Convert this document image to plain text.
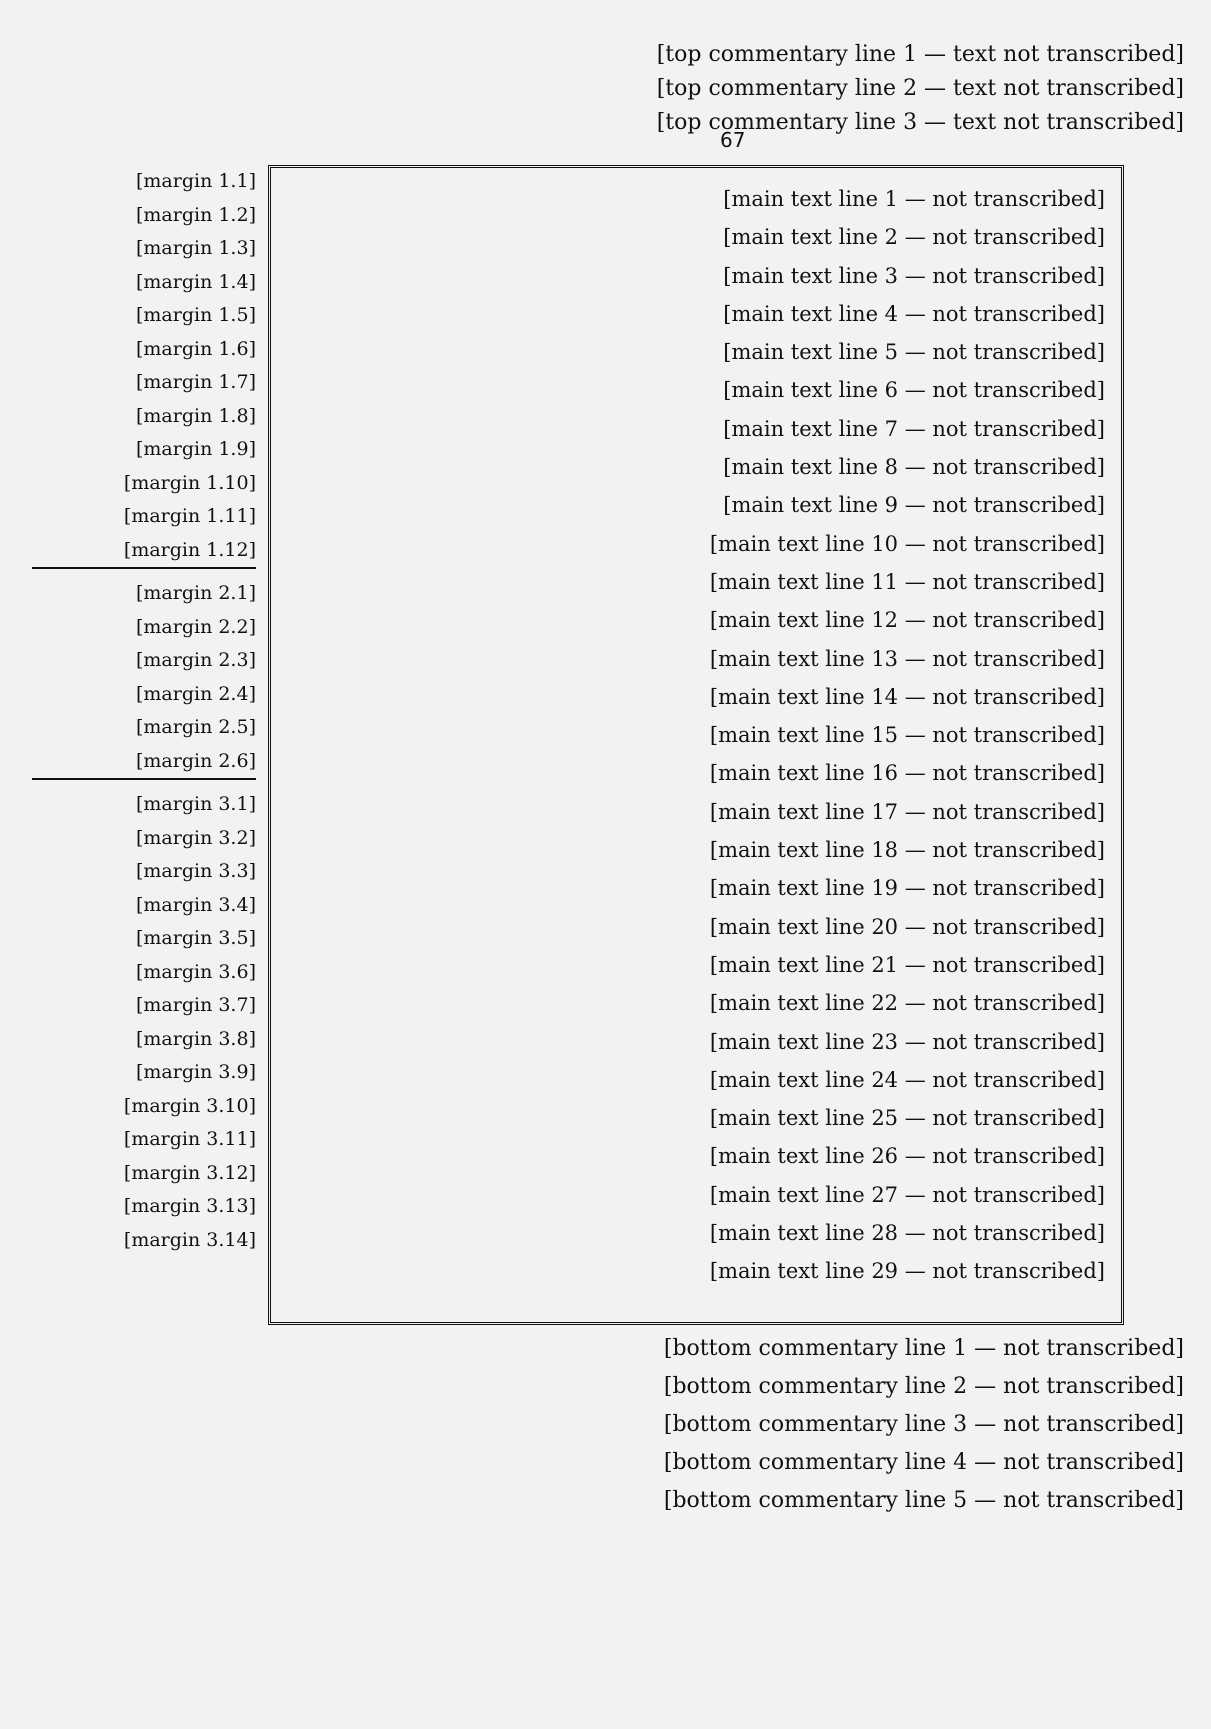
[top commentary line 1 — text not transcribed]
[top commentary line 2 — text not transcribed]
[top commentary line 3 — text not transcribed]
67
[main text line 1 — not transcribed]
[main text line 2 — not transcribed]
[main text line 3 — not transcribed]
[main text line 4 — not transcribed]
[main text line 5 — not transcribed]
[main text line 6 — not transcribed]
[main text line 7 — not transcribed]
[main text line 8 — not transcribed]
[main text line 9 — not transcribed]
[main text line 10 — not transcribed]
[main text line 11 — not transcribed]
[main text line 12 — not transcribed]
[main text line 13 — not transcribed]
[main text line 14 — not transcribed]
[main text line 15 — not transcribed]
[main text line 16 — not transcribed]
[main text line 17 — not transcribed]
[main text line 18 — not transcribed]
[main text line 19 — not transcribed]
[main text line 20 — not transcribed]
[main text line 21 — not transcribed]
[main text line 22 — not transcribed]
[main text line 23 — not transcribed]
[main text line 24 — not transcribed]
[main text line 25 — not transcribed]
[main text line 26 — not transcribed]
[main text line 27 — not transcribed]
[main text line 28 — not transcribed]
[main text line 29 — not transcribed]
[margin 1.1]
[margin 1.2]
[margin 1.3]
[margin 1.4]
[margin 1.5]
[margin 1.6]
[margin 1.7]
[margin 1.8]
[margin 1.9]
[margin 1.10]
[margin 1.11]
[margin 1.12]
[margin 2.1]
[margin 2.2]
[margin 2.3]
[margin 2.4]
[margin 2.5]
[margin 2.6]
[margin 3.1]
[margin 3.2]
[margin 3.3]
[margin 3.4]
[margin 3.5]
[margin 3.6]
[margin 3.7]
[margin 3.8]
[margin 3.9]
[margin 3.10]
[margin 3.11]
[margin 3.12]
[margin 3.13]
[margin 3.14]
[bottom commentary line 1 — not transcribed]
[bottom commentary line 2 — not transcribed]
[bottom commentary line 3 — not transcribed]
[bottom commentary line 4 — not transcribed]
[bottom commentary line 5 — not transcribed]
